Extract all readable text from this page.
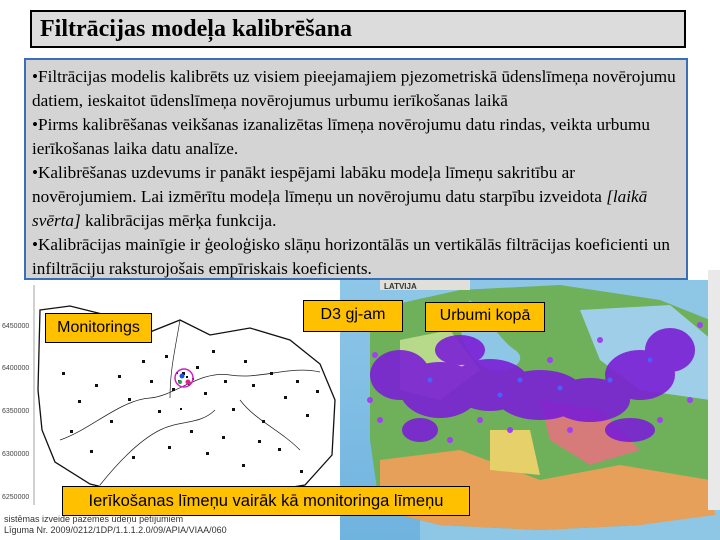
Filtrācijas modeļa kalibrēšana

•Filtrācijas modelis kalibrēts uz visiem pieejamajiem pjezometriskā ūdenslīmeņa novērojumu datiem, ieskaitot ūdenslīmeņa novērojumus urbumu ierīkošanas laikā

•Pirms kalibrēšanas veikšanas izanalizētas līmeņa novērojumu datu rindas, veikta urbumu ierīkošanas laika datu analīze.

•Kalibrēšanas uzdevums ir panākt iespējami labāku modeļa līmeņu sakritību ar novērojumiem. Lai izmērītu modeļa līmeņu un novērojumu datu starpību izveidota [laikā svērta] kalibrācijas mērķa funkcija.

•Kalibrācijas mainīgie ir ģeoloģisko slāņu horizontālās un vertikālās filtrācijas koeficienti un infiltrāciju raksturojošais empīriskais koeficients.

6450000
6400000
6350000
6300000
6250000
LATVIJA
Monitorings
D3 gj-am	Urbumi kopā
Ierīkošanas līmeņu vairāk kā monitoringa līmeņu
sistēmas izveide pazemes ūdeņu pētījumiem
Līguma Nr. 2009/0212/1DP/1.1.1.2.0/09/APIA/VIAA/060
